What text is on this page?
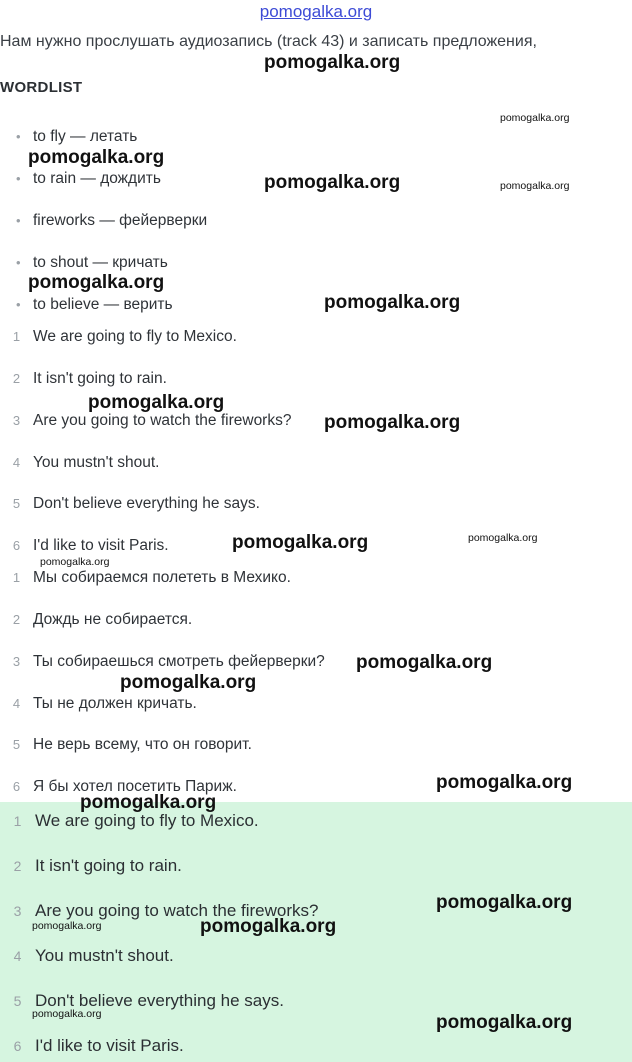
pomogalka.org
Нам нужно прослушать аудиозапись (track 43) и записать предложения,
WORDLIST
• to fly — летать
• to rain — дождить
• fireworks — фейерверки
• to shout — кричать
• to believe — верить
1 We are going to fly to Mexico.
2 It isn't going to rain.
3 Are you going to watch the fireworks?
4 You mustn't shout.
5 Don't believe everything he says.
6 I'd like to visit Paris.
1 Мы собираемся полететь в Мехико.
2 Дождь не собирается.
3 Ты собираешься смотреть фейерверки?
4 Ты не должен кричать.
5 Не верь всему, что он говорит.
6 Я бы хотел посетить Париж.
1 We are going to fly to Mexico.
2 It isn't going to rain.
3 Are you going to watch the fireworks?
4 You mustn't shout.
5 Don't believe everything he says.
6 I'd like to visit Paris.
pomogalka.org
pomogalka.org
pomogalka.org
pomogalka.org	pomogalka.org
pomogalka.org
pomogalka.org
pomogalka.org
pomogalka.org
pomogalka.org	pomogalka.org
pomogalka.org
pomogalka.org
pomogalka.org
pomogalka.org
pomogalka.org
pomogalka.org
pomogalka.org	pomogalka.org
pomogalka.org	pomogalka.org
